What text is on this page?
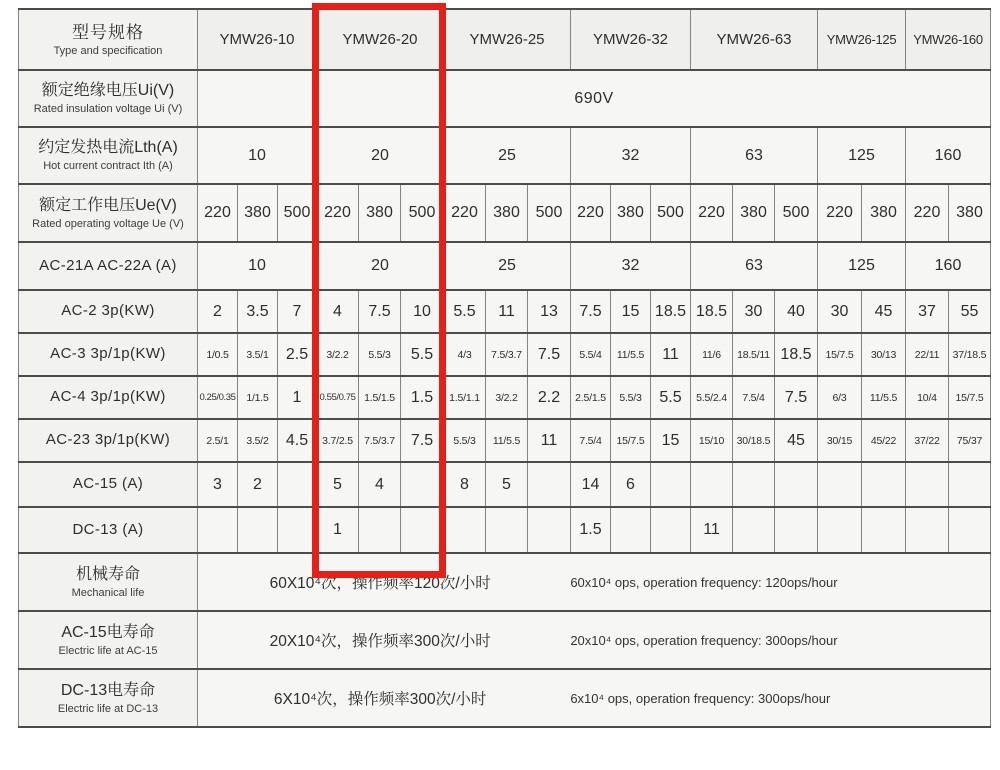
型号规格
Type and specification	YMW26-10			YMW26-20			YMW26-25			YMW26-32			YMW26-63			YMW26-125		YMW26-160	

额定绝缘电压Ui(V)
Rated insulation voltage Ui (V)	690V																		

约定发热电流Lth(A)
Hot current contract Ith (A)	10			20			25			32			63			125		160	

额定工作电压Ue(V)
Rated operating voltage Ue (V)	220	380	500	220	380	500	220	380	500	220	380	500	220	380	500	220	380	220	380

AC-21A AC-22A (A)	10			20			25			32			63			125		160	

AC-2 3p(KW)	2	3.5	7	4	7.5	10	5.5	11	13	7.5	15	18.5	18.5	30	40	30	45	37	55

AC-3 3p/1p(KW)	1/0.5	3.5/1	2.5	3/2.2	5.5/3	5.5	4/3	7.5/3.7	7.5	5.5/4	11/5.5	11	11/6	18.5/11	18.5	15/7.5	30/13	22/11	37/18.5

AC-4 3p/1p(KW)	0.25/0.35	1/1.5	1	0.55/0.75	1.5/1.5	1.5	1.5/1.1	3/2.2	2.2	2.5/1.5	5.5/3	5.5	5.5/2.4	7.5/4	7.5	6/3	11/5.5	10/4	15/7.5

AC-23 3p/1p(KW)	2.5/1	3.5/2	4.5	3.7/2.5	7.5/3.7	7.5	5.5/3	11/5.5	11	7.5/4	15/7.5	15	15/10	30/18.5	45	30/15	45/22	37/22	75/37

AC-15 (A)	3	2		5	4		8	5		14	6								

DC-13 (A)				1						1.5			11						

机械寿命
Mechanical life

60X10⁴次，操作频率120次/小时	60x10⁴ ops, operation frequency: 120ops/hour

AC-15电寿命
Electric life at AC-15

20X10⁴次，操作频率300次/小时	20x10⁴ ops, operation frequency: 300ops/hour

DC-13电寿命
Electric life at DC-13

6X10⁴次，操作频率300次/小时	6x10⁴ ops, operation frequency: 300ops/hour
